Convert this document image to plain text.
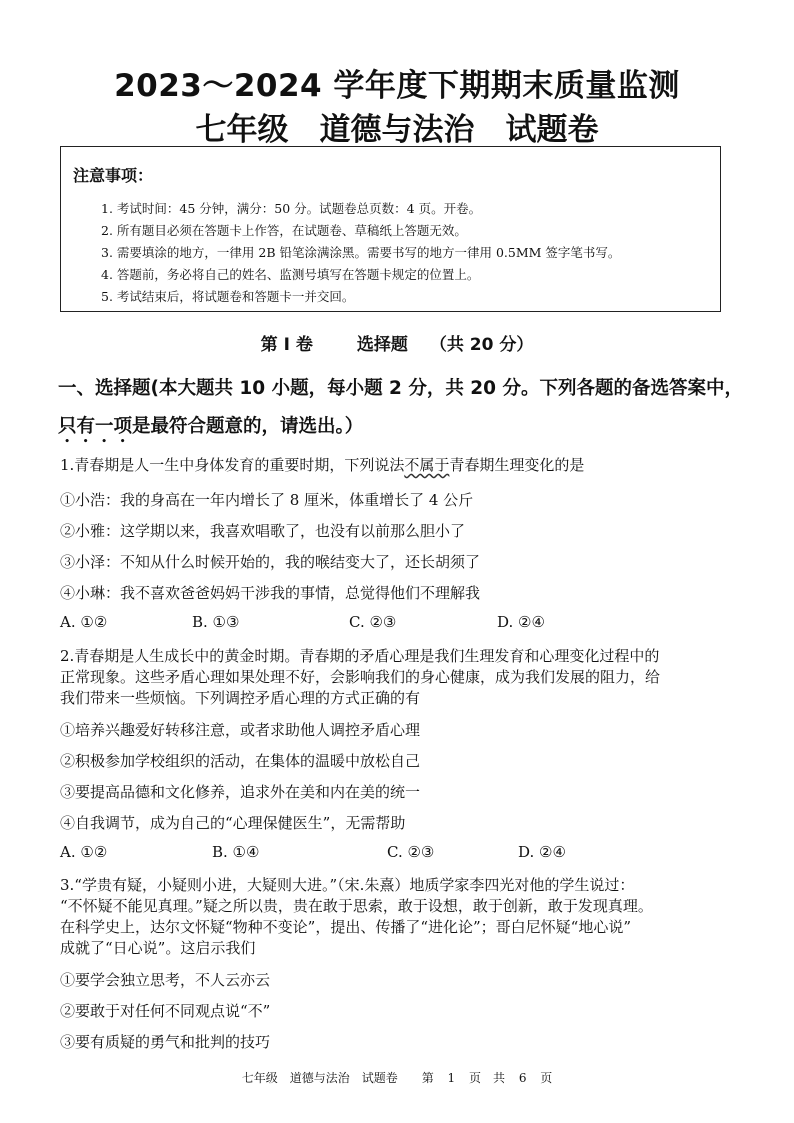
2023～2024 学年度下期期末质量监测
七年级　道德与法治　试题卷
注意事项：
1. 考试时间：45 分钟，满分：50 分。试题卷总页数：4 页。开卷。
2. 所有题目必须在答题卡上作答，在试题卷、草稿纸上答题无效。
3. 需要填涂的地方，一律用 2B 铅笔涂满涂黑。需要书写的地方一律用 0.5MM 签字笔书写。
4. 答题前，务必将自己的姓名、监测号填写在答题卡规定的位置上。
5. 考试结束后，将试题卷和答题卡一并交回。
第 I 卷	选择题 （共 20 分）
一、选择题(本大题共 10 小题，每小题 2 分，共 20 分。下列各题的备选答案中，
只有一项是最符合题意的，请选出。）
1.青春期是人一生中身体发育的重要时期，下列说法不属于青春期生理变化的是
①小浩：我的身高在一年内增长了 8 厘米，体重增长了 4 公斤
②小雅：这学期以来，我喜欢唱歌了，也没有以前那么胆小了
③小泽：不知从什么时候开始的，我的喉结变大了，还长胡须了
④小琳：我不喜欢爸爸妈妈干涉我的事情，总觉得他们不理解我
A. ①②	B. ①③	C. ②③	D. ②④
2.青春期是人生成长中的黄金时期。青春期的矛盾心理是我们生理发育和心理变化过程中的
正常现象。这些矛盾心理如果处理不好，会影响我们的身心健康，成为我们发展的阻力，给
我们带来一些烦恼。下列调控矛盾心理的方式正确的有
①培养兴趣爱好转移注意，或者求助他人调控矛盾心理
②积极参加学校组织的活动，在集体的温暖中放松自己
③要提高品德和文化修养，追求外在美和内在美的统一
④自我调节，成为自己的“心理保健医生”，无需帮助
A. ①②	B. ①④	C. ②③	D. ②④
3.“学贵有疑，小疑则小进，大疑则大进。”（宋.朱熹）地质学家李四光对他的学生说过：
“不怀疑不能见真理。”疑之所以贵，贵在敢于思索，敢于设想，敢于创新，敢于发现真理。
在科学史上，达尔文怀疑“物种不变论”，提出、传播了“进化论”；哥白尼怀疑“地心说”
成就了“日心说”。这启示我们
①要学会独立思考，不人云亦云
②要敢于对任何不同观点说“不”
③要有质疑的勇气和批判的技巧
七年级　道德与法治　试题卷　　第 1 页　共 6 页
